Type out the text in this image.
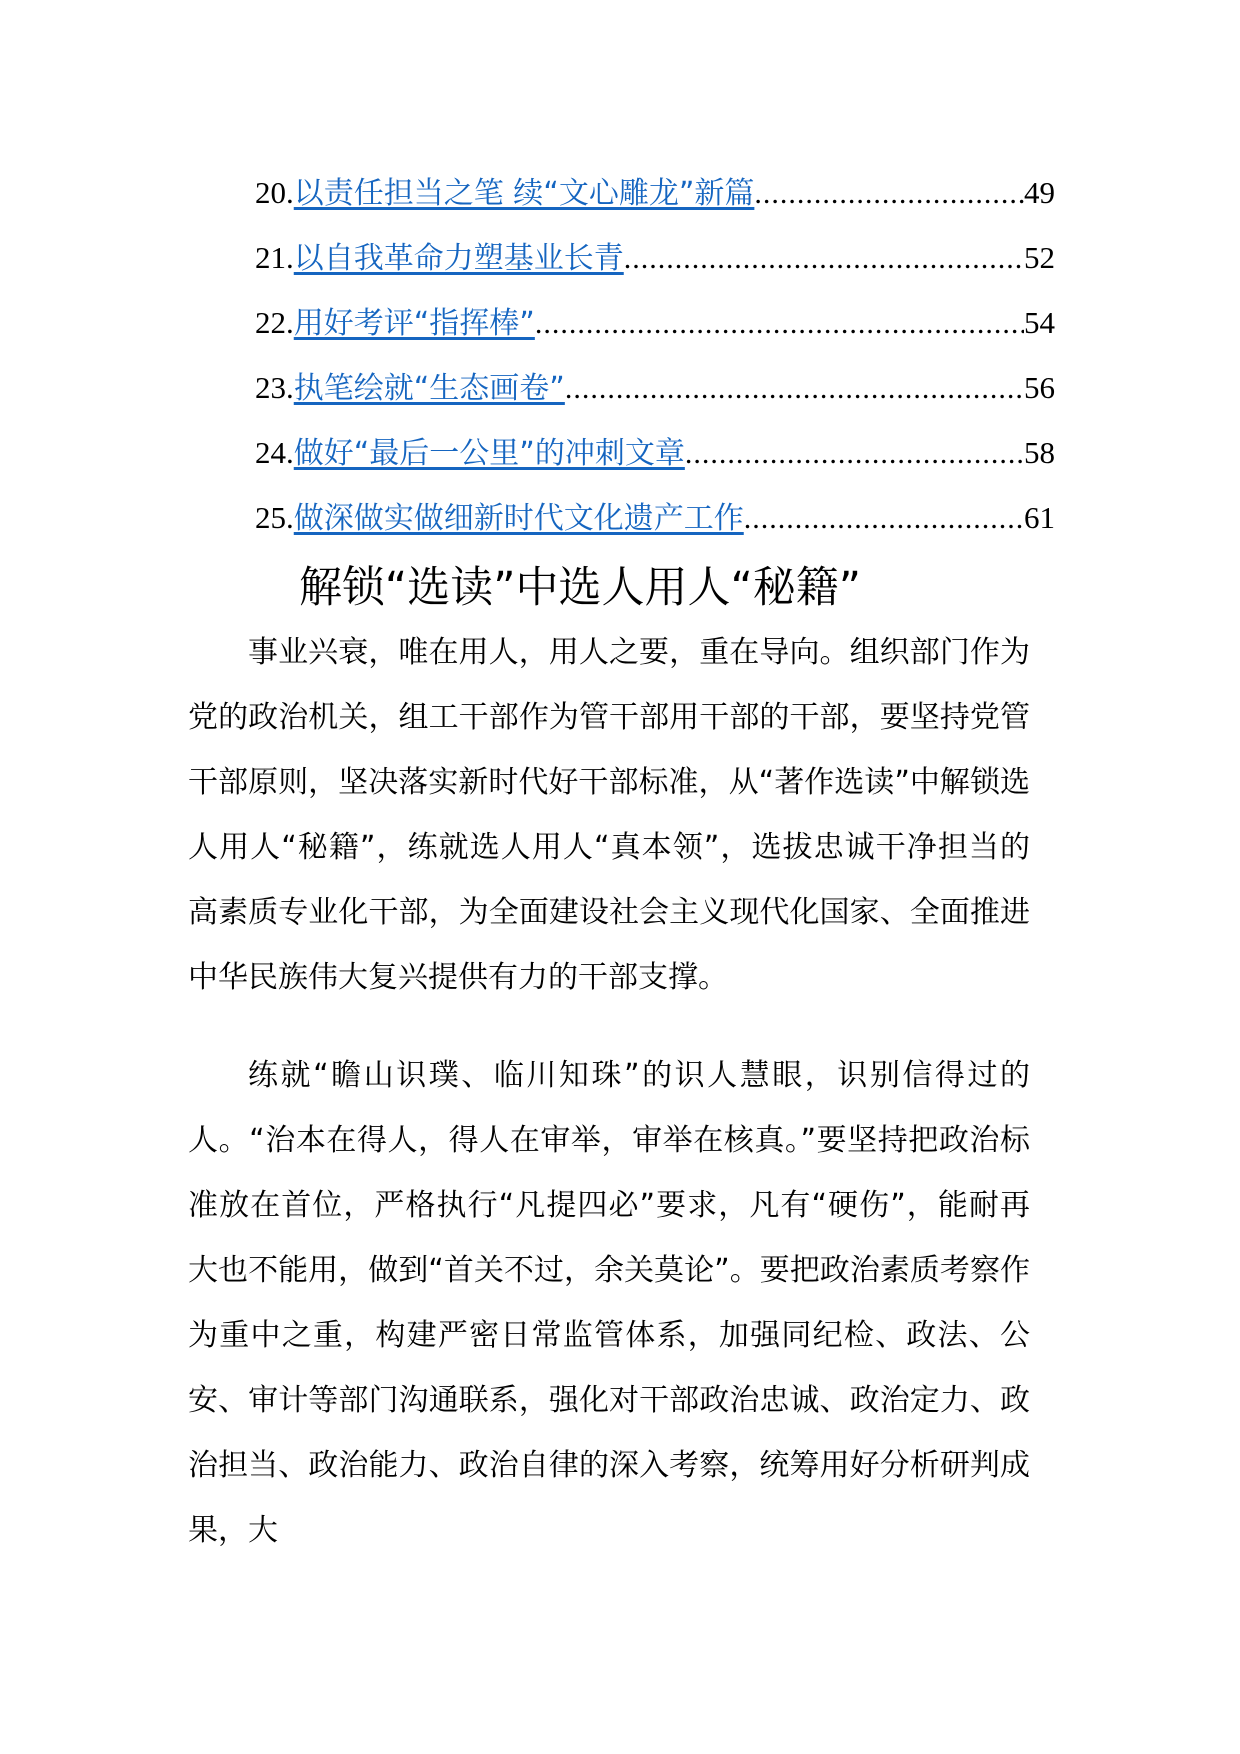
20. 以责任担当之笔 续“文心雕龙”新篇 .....	49
21. 以自我革命力塑基业长青 .....	52
22. 用好考评“指挥棒” .....	54
23. 执笔绘就“生态画卷” .....	56
24. 做好“最后一公里”的冲刺文章 .....	58
25. 做深做实做细新时代文化遗产工作 .....	61
解锁“选读”中选人用人“秘籍”

事业兴衰，唯在用人，用人之要，重在导向。组织部门作为党的政治机关，组工干部作为管干部用干部的干部，要坚持党管干部原则，坚决落实新时代好干部标准，从“著作选读”中解锁选人用人“秘籍”，练就选人用人“真本领”，选拔忠诚干净担当的高素质专业化干部，为全面建设社会主义现代化国家、全面推进中华民族伟大复兴提供有力的干部支撑。

练就“瞻山识璞、临川知珠”的识人慧眼，识别信得过的人。“治本在得人，得人在审举，审举在核真。”要坚持把政治标准放在首位，严格执行“凡提四必”要求，凡有“硬伤”，能耐再大也不能用，做到“首关不过，余关莫论”。要把政治素质考察作为重中之重，构建严密日常监管体系，加强同纪检、政法、公安、审计等部门沟通联系，强化对干部政治忠诚、政治定力、政治担当、政治能力、政治自律的深入考察，统筹用好分析研判成果，大
